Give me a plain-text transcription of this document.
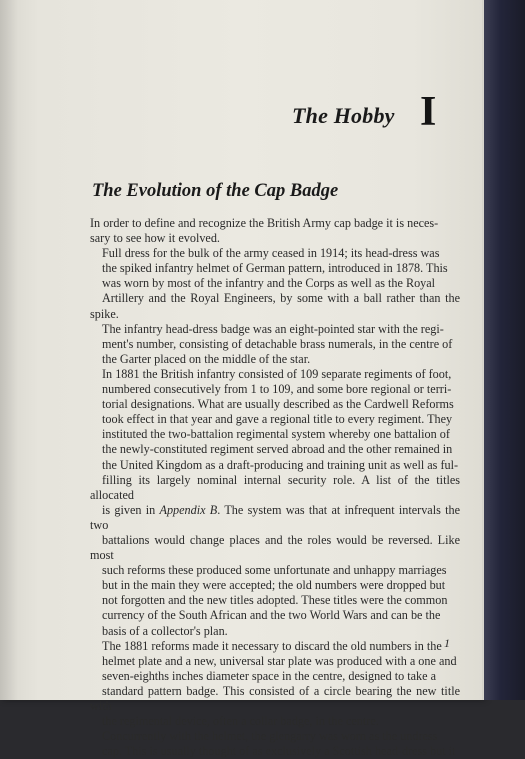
The Hobby I
The Evolution of the Cap Badge

In order to define and recognize the British Army cap badge it is neces-
sary to see how it evolved.

Full dress for the bulk of the army ceased in 1914; its head-dress was
the spiked infantry helmet of German pattern, introduced in 1878. This
was worn by most of the infantry and the Corps as well as the Royal
Artillery and the Royal Engineers, by some with a ball rather than the spike.
The infantry head-dress badge was an eight-pointed star with the regi-
ment's number, consisting of detachable brass numerals, in the centre of
the Garter placed on the middle of the star.

In 1881 the British infantry consisted of 109 separate regiments of foot,
numbered consecutively from 1 to 109, and some bore regional or terri-
torial designations. What are usually described as the Cardwell Reforms
took effect in that year and gave a regional title to every regiment. They
instituted the two-battalion regimental system whereby one battalion of
the newly-constituted regiment served abroad and the other remained in
the United Kingdom as a draft-producing and training unit as well as ful-
filling its largely nominal internal security role. A list of the titles allocated
is given in Appendix B. The system was that at infrequent intervals the two
battalions would change places and the roles would be reversed. Like most
such reforms these produced some unfortunate and unhappy marriages
but in the main they were accepted; the old numbers were dropped but
not forgotten and the new titles adopted. These titles were the common
currency of the South African and the two World Wars and can be the
basis of a collector's plan.

The 1881 reforms made it necessary to discard the old numbers in the
helmet plate and a new, universal star plate was produced with a one and
seven-eighths inches diameter space in the centre, designed to take a
standard pattern badge. This consisted of a circle bearing the new title with
the regimental device, often a collar badge, in the centre.

Concurrently with the helmet, the glengarry was worn as the undress
cap. This is usually thought of as exclusively a Scottish head-dress but it

1
